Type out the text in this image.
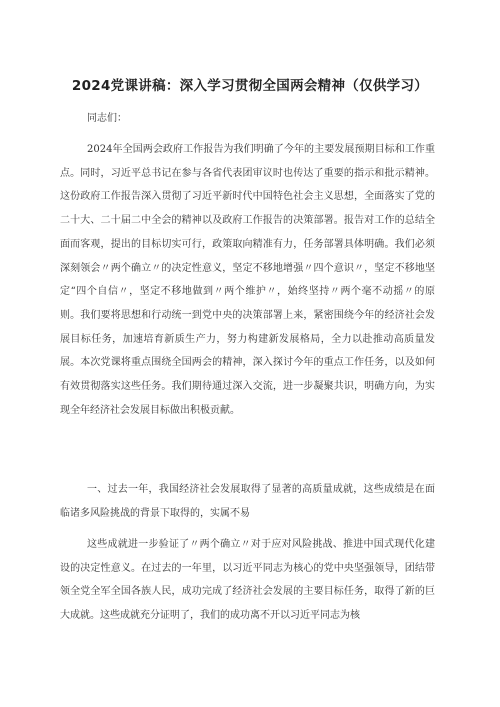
2024党课讲稿：深入学习贯彻全国两会精神（仅供学习）
同志们：
2024年全国两会政府工作报告为我们明确了今年的主要发展预期目标和工作重点。同时，习近平总书记在参与各省代表团审议时也传达了重要的指示和批示精神。这份政府工作报告深入贯彻了习近平新时代中国特色社会主义思想，全面落实了党的二十大、二十届二中全会的精神以及政府工作报告的决策部署。报告对工作的总结全面而客观，提出的目标切实可行，政策取向精准有力，任务部署具体明确。我们必须深刻领会〃两个确立〃的决定性意义，坚定不移地增强〃四个意识〃，坚定不移地坚定“四个自信〃，坚定不移地做到〃两个维护〃，始终坚持〃两个毫不动摇〃的原则。我们要将思想和行动统一到党中央的决策部署上来，紧密围绕今年的经济社会发展目标任务，加速培育新质生产力，努力构建新发展格局，全力以赴推动高质量发展。本次党课将重点围绕全国两会的精神，深入探讨今年的重点工作任务，以及如何有效贯彻落实这些任务。我们期待通过深入交流，进一步凝聚共识，明确方向，为实现全年经济社会发展目标做出积极贡献。
一、过去一年，我国经济社会发展取得了显著的高质量成就，这些成绩是在面临诸多风险挑战的背景下取得的，实属不易
这些成就进一步验证了〃两个确立〃对于应对风险挑战、推进中国式现代化建设的决定性意义。在过去的一年里，以习近平同志为核心的党中央坚强领导，团结带领全党全军全国各族人民，成功完成了经济社会发展的主要目标任务，取得了新的巨大成就。这些成就充分证明了，我们的成功离不开以习近平同志为核
